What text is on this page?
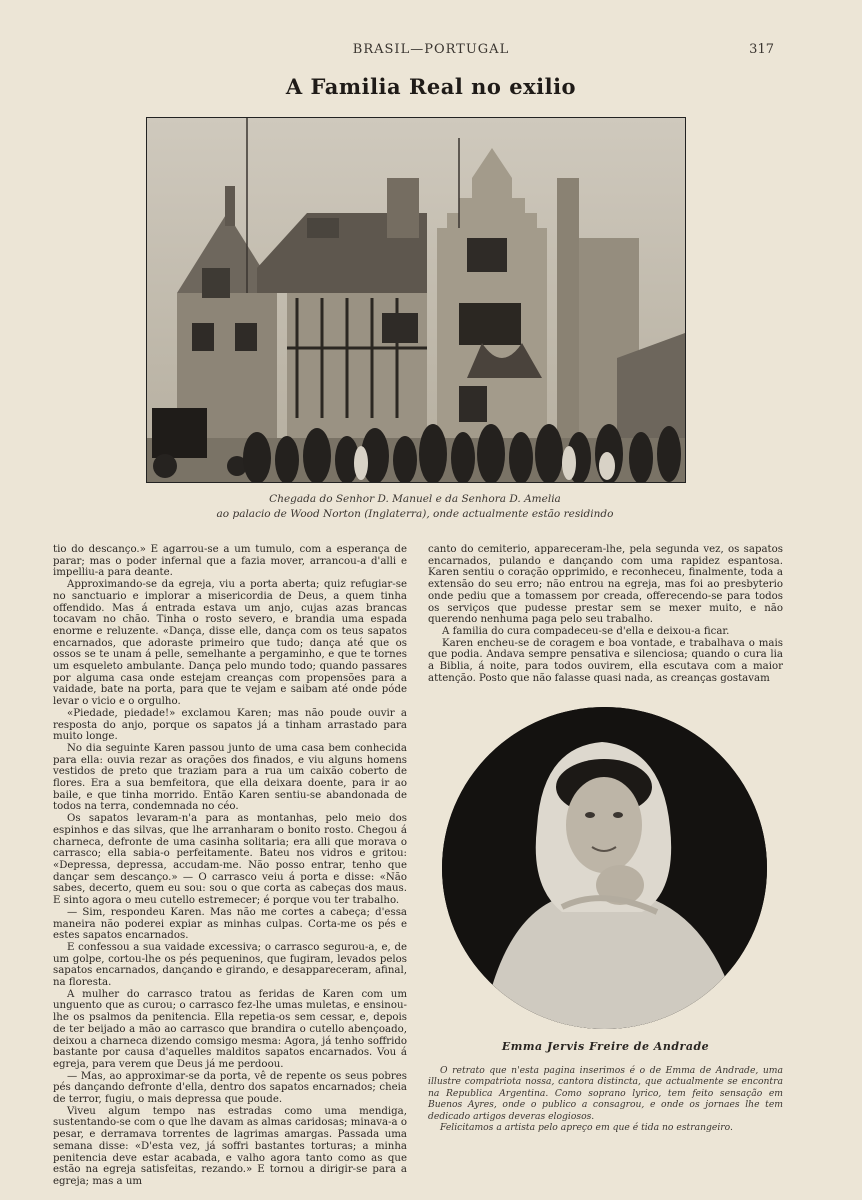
BRASIL—PORTUGAL	317
A Familia Real no exilio
Chegada do Senhor D. Manuel e da Senhora D. Amelia
ao palacio de Wood Norton (Inglaterra), onde actualmente estão residindo

tio do descanço.» E agarrou-se a um tumulo, com a esperança de parar; mas o poder infernal que a fazia mover, arrancou-a d'alli e impelliu-a para deante.

Approximando-se da egreja, viu a porta aberta; quiz refugiar-se no sanctuario e implorar a misericordia de Deus, a quem tinha offendido. Mas á entrada estava um anjo, cujas azas brancas tocavam no chão. Tinha o rosto severo, e brandia uma espada enorme e reluzente. «Dança, disse elle, dança com os teus sapatos encarnados, que adoraste primeiro que tudo; dança até que os ossos se te unam á pelle, semelhante a pergaminho, e que te tornes um esqueleto ambulante. Dança pelo mundo todo; quando passares por alguma casa onde estejam creanças com propensões para a vaidade, bate na porta, para que te vejam e saibam até onde póde levar o vicio e o orgulho.

«Piedade, piedade!» exclamou Karen; mas não poude ouvir a resposta do anjo, porque os sapatos já a tinham arrastado para muito longe.

No dia seguinte Karen passou junto de uma casa bem conhecida para ella: ouvia rezar as orações dos finados, e viu alguns homens vestidos de preto que traziam para a rua um caixão coberto de flores. Era a sua bemfeitora, que ella deixara doente, para ir ao baile, e que tinha morrido. Então Karen sentiu-se abandonada de todos na terra, condemnada no céo.

Os sapatos levaram-n'a para as montanhas, pelo meio dos espinhos e das silvas, que lhe arranharam o bonito rosto. Chegou á charneca, defronte de uma casinha solitaria; era alli que morava o carrasco; ella sabia-o perfeitamente. Bateu nos vidros e gritou: «Depressa, depressa, accudam-me. Não posso entrar, tenho que dançar sem descanço.» — O carrasco veiu á porta e disse: «Não sabes, decerto, quem eu sou: sou o que corta as cabeças dos maus. E sinto agora o meu cutello estremecer; é porque vou ter trabalho.

— Sim, respondeu Karen. Mas não me cortes a cabeça; d'essa maneira não poderei expiar as minhas culpas. Corta-me os pés e estes sapatos encarnados.

E confessou a sua vaidade excessiva; o carrasco segurou-a, e, de um golpe, cortou-lhe os pés pequeninos, que fugiram, levados pelos sapatos encarnados, dançando e girando, e desappareceram, afinal, na floresta.

A mulher do carrasco tratou as feridas de Karen com um unguento que as curou; o carrasco fez-lhe umas muletas, e ensinou-lhe os psalmos da penitencia. Ella repetia-os sem cessar, e, depois de ter beijado a mão ao carrasco que brandira o cutello abençoado, deixou a charneca dizendo comsigo mesma: Agora, já tenho soffrido bastante por causa d'aquelles malditos sapatos encarnados. Vou á egreja, para verem que Deus já me perdoou.

— Mas, ao approximar-se da porta, vê de repente os seus pobres pés dançando defronte d'ella, dentro dos sapatos encarnados; cheia de terror, fugiu, o mais depressa que poude.

Viveu algum tempo nas estradas como uma mendiga, sustentando-se com o que lhe davam as almas caridosas; minava-a o pesar, e derramava torrentes de lagrimas amargas. Passada uma semana disse: «D'esta vez, já soffri bastantes torturas; a minha penitencia deve estar acabada, e valho agora tanto como as que estão na egreja satisfeitas, rezando.» E tornou a dirigir-se para a egreja; mas a um

canto do cemiterio, appareceram-lhe, pela segunda vez, os sapatos encarnados, pulando e dançando com uma rapidez espantosa. Karen sentiu o coração opprimido, e reconheceu, finalmente, toda a extensão do seu erro; não entrou na egreja, mas foi ao presbyterio onde pediu que a tomassem por creada, offerecendo-se para todos os serviços que pudesse prestar sem se mexer muito, e não querendo nenhuma paga pelo seu trabalho.

A familia do cura compadeceu-se d'ella e deixou-a ficar.

Karen encheu-se de coragem e boa vontade, e trabalhava o mais que podia. Andava sempre pensativa e silenciosa; quando o cura lia a Biblia, á noite, para todos ouvirem, ella escutava com a maior attenção. Posto que não falasse quasi nada, as creanças gostavam

Emma Jervis Freire de Andrade

O retrato que n'esta pagina inserimos é o de Emma de Andrade, uma illustre compatriota nossa, cantora distincta, que actualmente se encontra na Republica Argentina. Como soprano lyrico, tem feito sensação em Buenos Ayres, onde o publico a consagrou, e onde os jornaes lhe tem dedicado artigos deveras elogiosos.

Felicitamos a artista pelo apreço em que é tida no estrangeiro.
